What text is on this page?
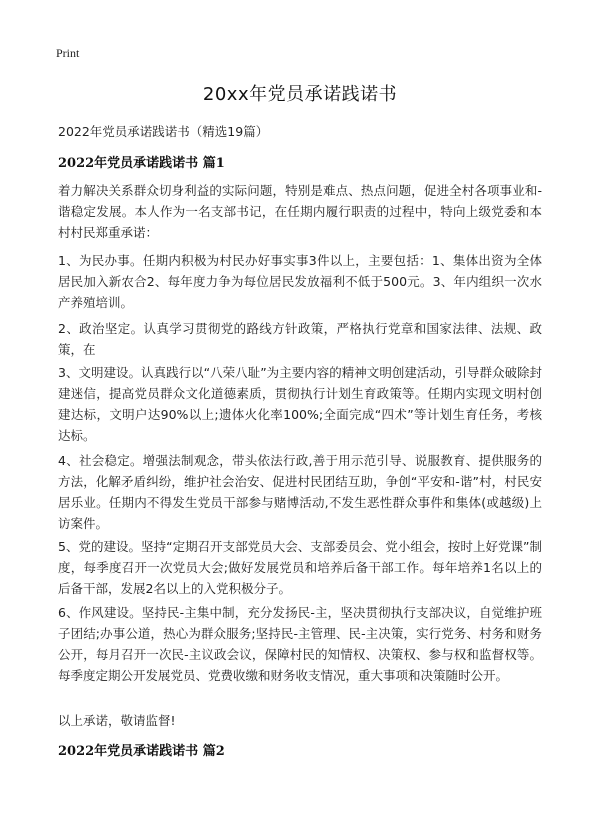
Print
20xx年党员承诺践诺书
2022年党员承诺践诺书（精选19篇）
2022年党员承诺践诺书 篇1
着力解决关系群众切身利益的实际问题，特别是难点、热点问题，促进全村各项事业和-谐稳定发展。本人作为一名支部书记，在任期内履行职责的过程中，特向上级党委和本村村民郑重承诺：
1、为民办事。任期内积极为村民办好事实事3件以上，主要包括：1、集体出资为全体居民加入新农合2、每年度力争为每位居民发放福利不低于500元。3、年内组织一次水产养殖培训。
2、政治坚定。认真学习贯彻党的路线方针政策，严格执行党章和国家法律、法规、政策，在
3、文明建设。认真践行以“八荣八耻”为主要内容的精神文明创建活动，引导群众破除封建迷信，提高党员群众文化道德素质，贯彻执行计划生育政策等。任期内实现文明村创建达标，文明户达90%以上;遗体火化率100%;全面完成“四术”等计划生育任务，考核达标。
4、社会稳定。增强法制观念，带头依法行政,善于用示范引导、说服教育、提供服务的方法，化解矛盾纠纷，维护社会治安、促进村民团结互助，争创“平安和-谐”村，村民安居乐业。任期内不得发生党员干部参与赌博活动,不发生恶性群众事件和集体(或越级)上访案件。
5、党的建设。坚持“定期召开支部党员大会、支部委员会、党小组会，按时上好党课”制度，每季度召开一次党员大会;做好发展党员和培养后备干部工作。每年培养1名以上的后备干部，发展2名以上的入党积极分子。
6、作风建设。坚持民-主集中制，充分发扬民-主，坚决贯彻执行支部决议，自觉维护班子团结;办事公道，热心为群众服务;坚持民-主管理、民-主决策，实行党务、村务和财务公开，每月召开一次民-主议政会议，保障村民的知情权、决策权、参与权和监督权等。每季度定期公开发展党员、党费收缴和财务收支情况，重大事项和决策随时公开。
以上承诺，敬请监督!
2022年党员承诺践诺书 篇2
